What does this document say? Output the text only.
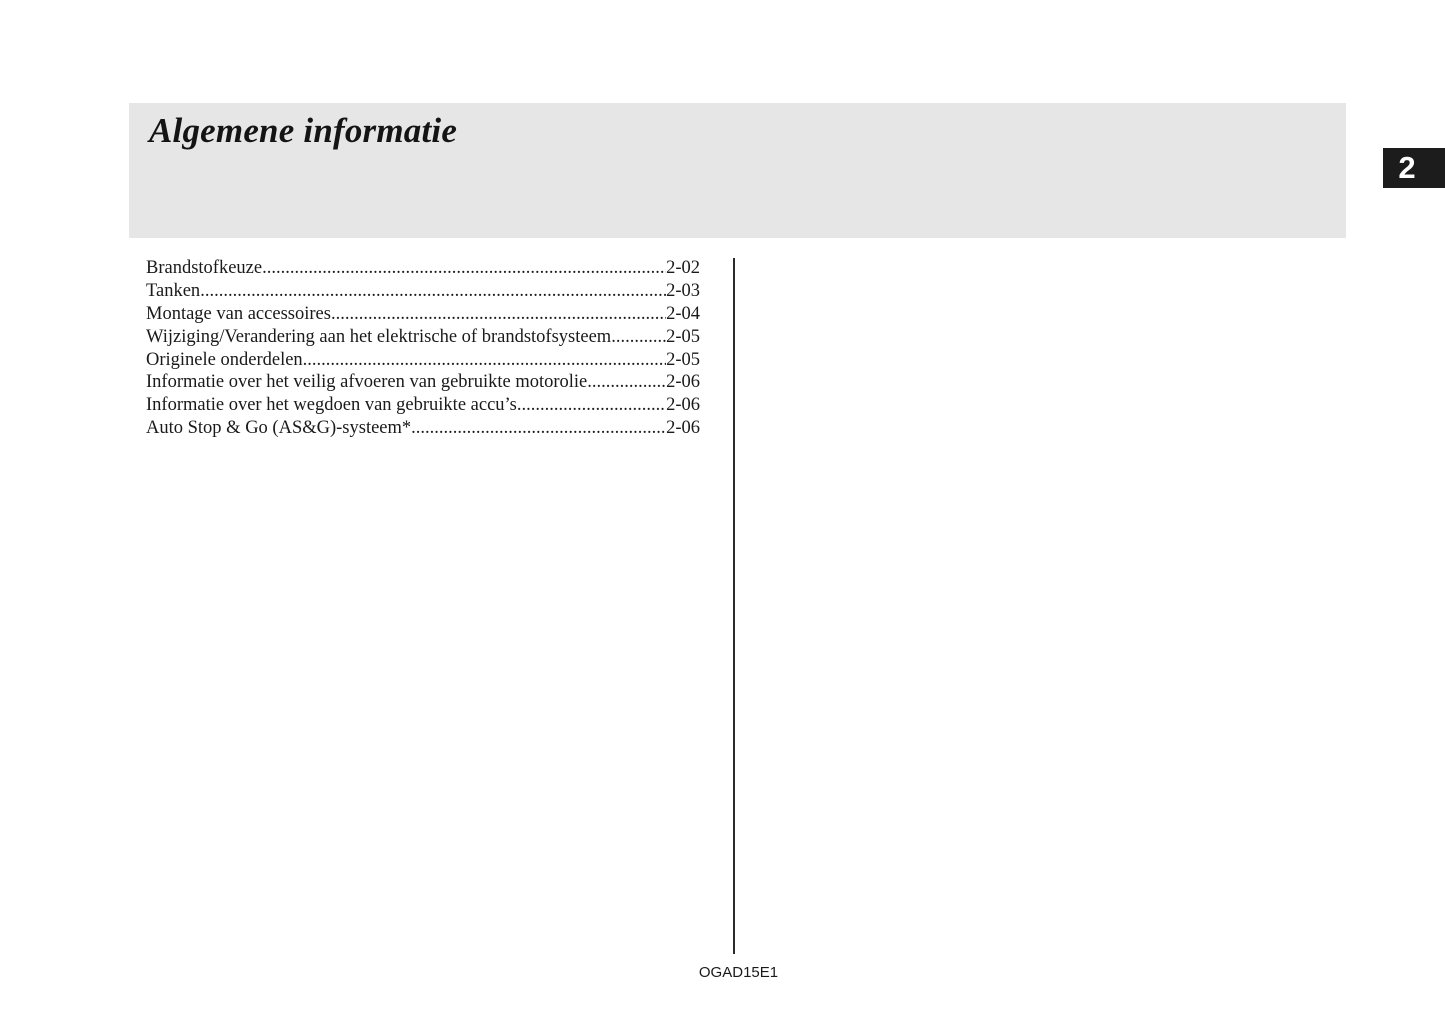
Algemene informatie
2
Brandstofkeuze .....	2-02
Tanken .....	2-03
Montage van accessoires .....	2-04
Wijziging/Verandering aan het elektrische of brandstofsysteem .....	2-05
Originele onderdelen .....	2-05
Informatie over het veilig afvoeren van gebruikte motorolie .....	2-06
Informatie over het wegdoen van gebruikte accu’s .....	2-06
Auto Stop & Go (AS&G)-systeem* .....	2-06
OGAD15E1
